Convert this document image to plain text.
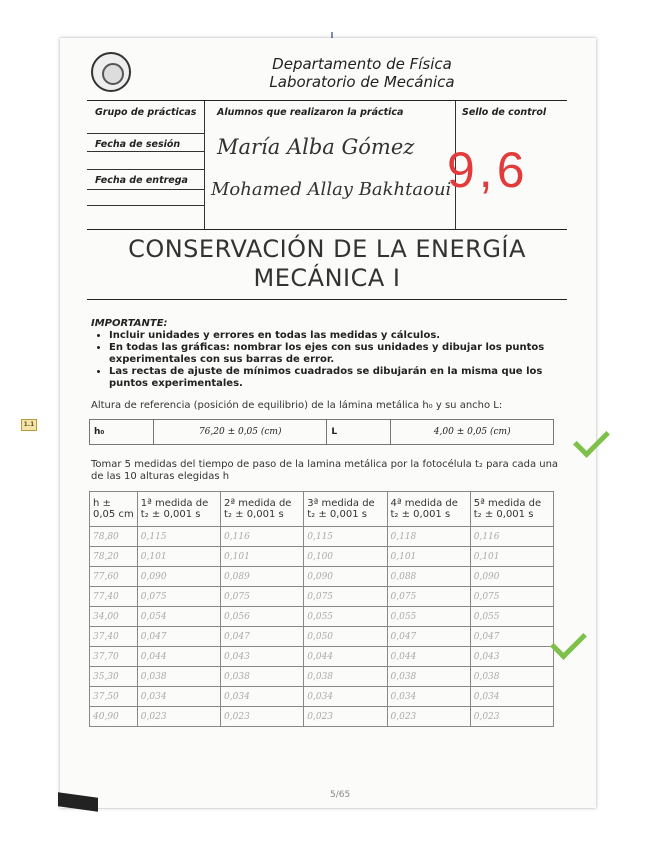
1.1
Departamento de Física
Laboratorio de Mecánica
Grupo de prácticas
Fecha de sesión
Fecha de entrega
Alumnos que realizaron la práctica	Sello de control
María Alba Gómez
Mohamed Allay Bakhtaoui
9,6
CONSERVACIÓN DE LA ENERGÍA
MECÁNICA I
IMPORTANTE:
• Incluir unidades y errores en todas las medidas y cálculos.
• En todas las gráficas: nombrar los ejes con sus unidades y dibujar los puntos experimentales con sus barras de error.
• Las rectas de ajuste de mínimos cuadrados se dibujarán en la misma que los puntos experimentales.
Altura de referencia (posición de equilibrio) de la lámina metálica h₀ y su ancho L:
h₀	76,20 ± 0,05 (cm)	L	4,00 ± 0,05 (cm)
Tomar 5 medidas del tiempo de paso de la lamina metálica por la fotocélula t₂ para cada una de las 10 alturas elegidas h
h ± 0,05 cm	1ª medida de t₂ ± 0,001 s	2ª medida de t₂ ± 0,001 s	3ª medida de t₂ ± 0,001 s	4ª medida de t₂ ± 0,001 s	5ª medida de t₂ ± 0,001 s
78,80	0,115	0,116	0,115	0,118	0,116
78,20	0,101	0,101	0,100	0,101	0,101
77,60	0,090	0,089	0,090	0,088	0,090
77,40	0,075	0,075	0,075	0,075	0,075
34,00	0,054	0,056	0,055	0,055	0,055
37,40	0,047	0,047	0,050	0,047	0,047
37,70	0,044	0,043	0,044	0,044	0,043
35,30	0,038	0,038	0,038	0,038	0,038
37,50	0,034	0,034	0,034	0,034	0,034
40,90	0,023	0,023	0,023	0,023	0,023
5/65
